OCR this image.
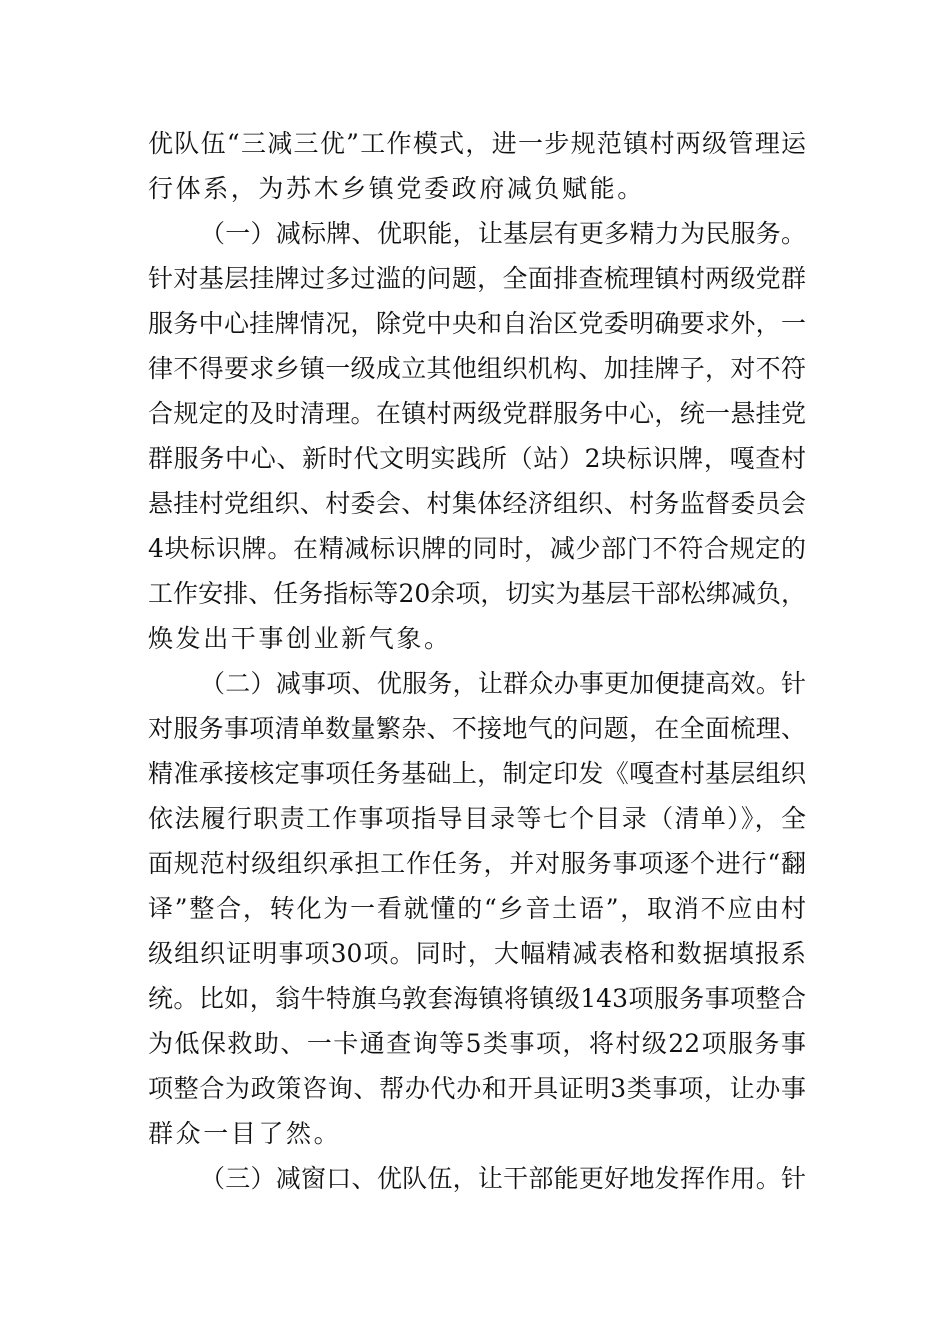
优队伍“三减三优”工作模式，进一步规范镇村两级管理运
行体系，为苏木乡镇党委政府减负赋能。
（一）减标牌、优职能，让基层有更多精力为民服务。
针对基层挂牌过多过滥的问题，全面排查梳理镇村两级党群
服务中心挂牌情况，除党中央和自治区党委明确要求外，一
律不得要求乡镇一级成立其他组织机构、加挂牌子，对不符
合规定的及时清理。在镇村两级党群服务中心，统一悬挂党
群服务中心、新时代文明实践所（站）2块标识牌，嘎查村
悬挂村党组织、村委会、村集体经济组织、村务监督委员会
4块标识牌。在精减标识牌的同时，减少部门不符合规定的
工作安排、任务指标等20余项，切实为基层干部松绑减负，
焕发出干事创业新气象。
（二）减事项、优服务，让群众办事更加便捷高效。针
对服务事项清单数量繁杂、不接地气的问题，在全面梳理、
精准承接核定事项任务基础上，制定印发《嘎查村基层组织
依法履行职责工作事项指导目录等七个目录（清单）》，全
面规范村级组织承担工作任务，并对服务事项逐个进行“翻
译”整合，转化为一看就懂的“乡音土语”，取消不应由村
级组织证明事项30项。同时，大幅精减表格和数据填报系
统。比如，翁牛特旗乌敦套海镇将镇级143项服务事项整合
为低保救助、一卡通查询等5类事项，将村级22项服务事
项整合为政策咨询、帮办代办和开具证明3类事项，让办事
群众一目了然。
（三）减窗口、优队伍，让干部能更好地发挥作用。针
